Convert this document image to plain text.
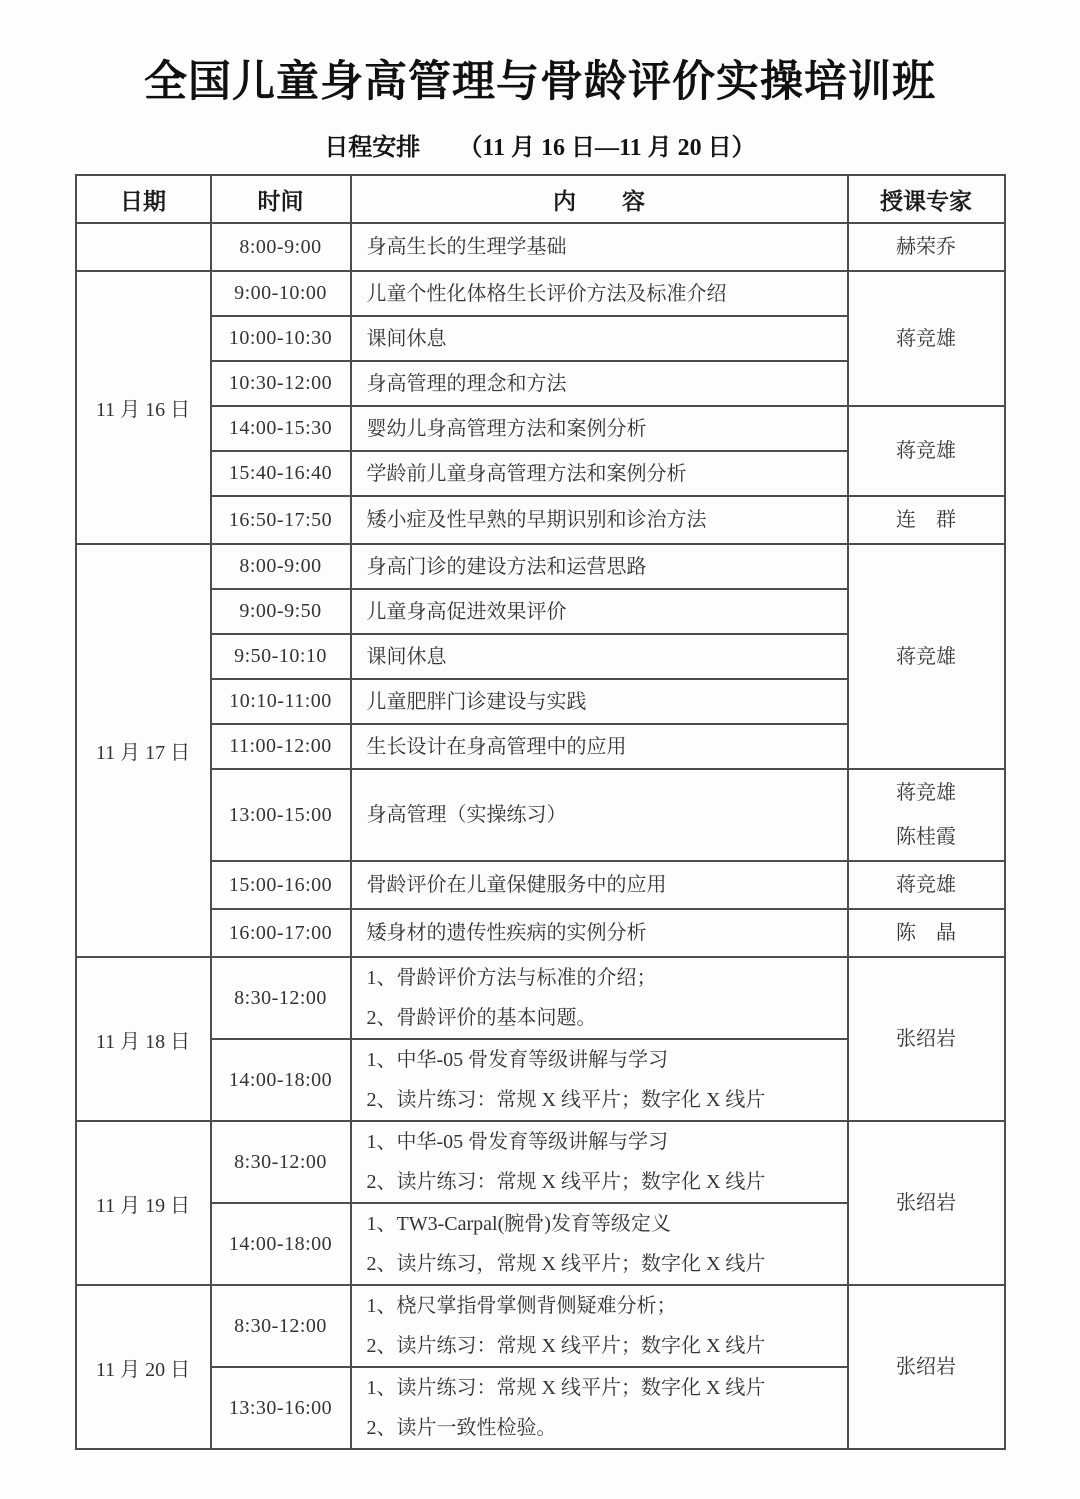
全国儿童身高管理与骨龄评价实操培训班
日程安排 （11 月 16 日—11 月 20 日）
日期	时间	内　　容	授课专家
	8:00-9:00	身高生长的生理学基础	赫荣乔

11 月 16 日	9:00-10:00	儿童个性化体格生长评价方法及标准介绍	蒋竞雄

	10:00-10:30	课间休息	

	10:30-12:00	身高管理的理念和方法	

	14:00-15:30	婴幼儿身高管理方法和案例分析	蒋竞雄

	15:40-16:40	学龄前儿童身高管理方法和案例分析	

	16:50-17:50	矮小症及性早熟的早期识别和诊治方法	连　群

11 月 17 日	8:00-9:00	身高门诊的建设方法和运营思路	蒋竞雄

	9:00-9:50	儿童身高促进效果评价	

	9:50-10:10	课间休息	

	10:10-11:00	儿童肥胖门诊建设与实践	

	11:00-12:00	生长设计在身高管理中的应用	

	13:00-15:00	身高管理（实操练习）	蒋竞雄
陈桂霞

	15:00-16:00	骨龄评价在儿童保健服务中的应用	蒋竞雄

	16:00-17:00	矮身材的遗传性疾病的实例分析	陈　晶

11 月 18 日	8:30-12:00	1、骨龄评价方法与标准的介绍；
2、骨龄评价的基本问题。	张绍岩

	14:00-18:00	1、中华-05 骨发育等级讲解与学习
2、读片练习：常规 X 线平片；数字化 X 线片	

11 月 19 日	8:30-12:00	1、中华-05 骨发育等级讲解与学习
2、读片练习：常规 X 线平片；数字化 X 线片	张绍岩

	14:00-18:00	1、TW3-Carpal(腕骨)发育等级定义
2、读片练习，常规 X 线平片；数字化 X 线片	

11 月 20 日	8:30-12:00	1、桡尺掌指骨掌侧背侧疑难分析；
2、读片练习：常规 X 线平片；数字化 X 线片	张绍岩

	13:30-16:00	1、读片练习：常规 X 线平片；数字化 X 线片
2、读片一致性检验。	
